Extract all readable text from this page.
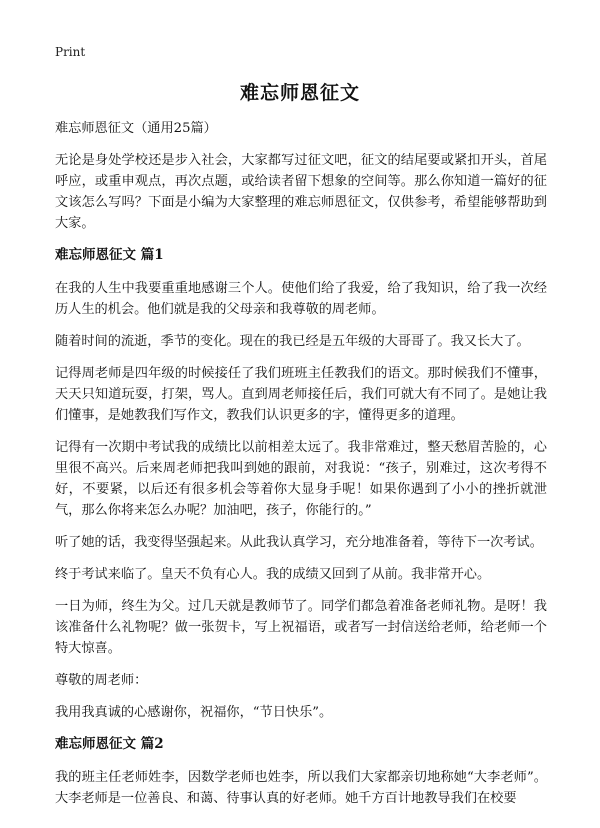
Print
难忘师恩征文

难忘师恩征文（通用25篇）

无论是身处学校还是步入社会，大家都写过征文吧，征文的结尾要或紧扣开头，首尾呼应，或重申观点，再次点题，或给读者留下想象的空间等。那么你知道一篇好的征文该怎么写吗？下面是小编为大家整理的难忘师恩征文，仅供参考，希望能够帮助到大家。

难忘师恩征文 篇1

在我的人生中我要重重地感谢三个人。使他们给了我爱，给了我知识，给了我一次经历人生的机会。他们就是我的父母亲和我尊敬的周老师。

随着时间的流逝，季节的变化。现在的我已经是五年级的大哥哥了。我又长大了。

记得周老师是四年级的时候接任了我们班班主任教我们的语文。那时候我们不懂事，天天只知道玩耍，打架，骂人。直到周老师接任后，我们可就大有不同了。是她让我们懂事，是她教我们写作文，教我们认识更多的字，懂得更多的道理。

记得有一次期中考试我的成绩比以前相差太远了。我非常难过，整天愁眉苦脸的，心里很不高兴。后来周老师把我叫到她的跟前，对我说：“孩子，别难过，这次考得不好，不要紧，以后还有很多机会等着你大显身手呢！如果你遇到了小小的挫折就泄气，那么你将来怎么办呢？加油吧，孩子，你能行的。”

听了她的话，我变得坚强起来。从此我认真学习，充分地准备着，等待下一次考试。

终于考试来临了。皇天不负有心人。我的成绩又回到了从前。我非常开心。

一日为师，终生为父。过几天就是教师节了。同学们都急着准备老师礼物。是呀！我该准备什么礼物呢？做一张贺卡，写上祝福语，或者写一封信送给老师，给老师一个特大惊喜。

尊敬的周老师：

我用我真诚的心感谢你，祝福你，“节日快乐”。

难忘师恩征文 篇2

我的班主任老师姓李，因数学老师也姓李，所以我们大家都亲切地称她“大李老师”。大李老师是一位善良、和蔼、待事认真的好老师。她千方百计地教导我们在校要
